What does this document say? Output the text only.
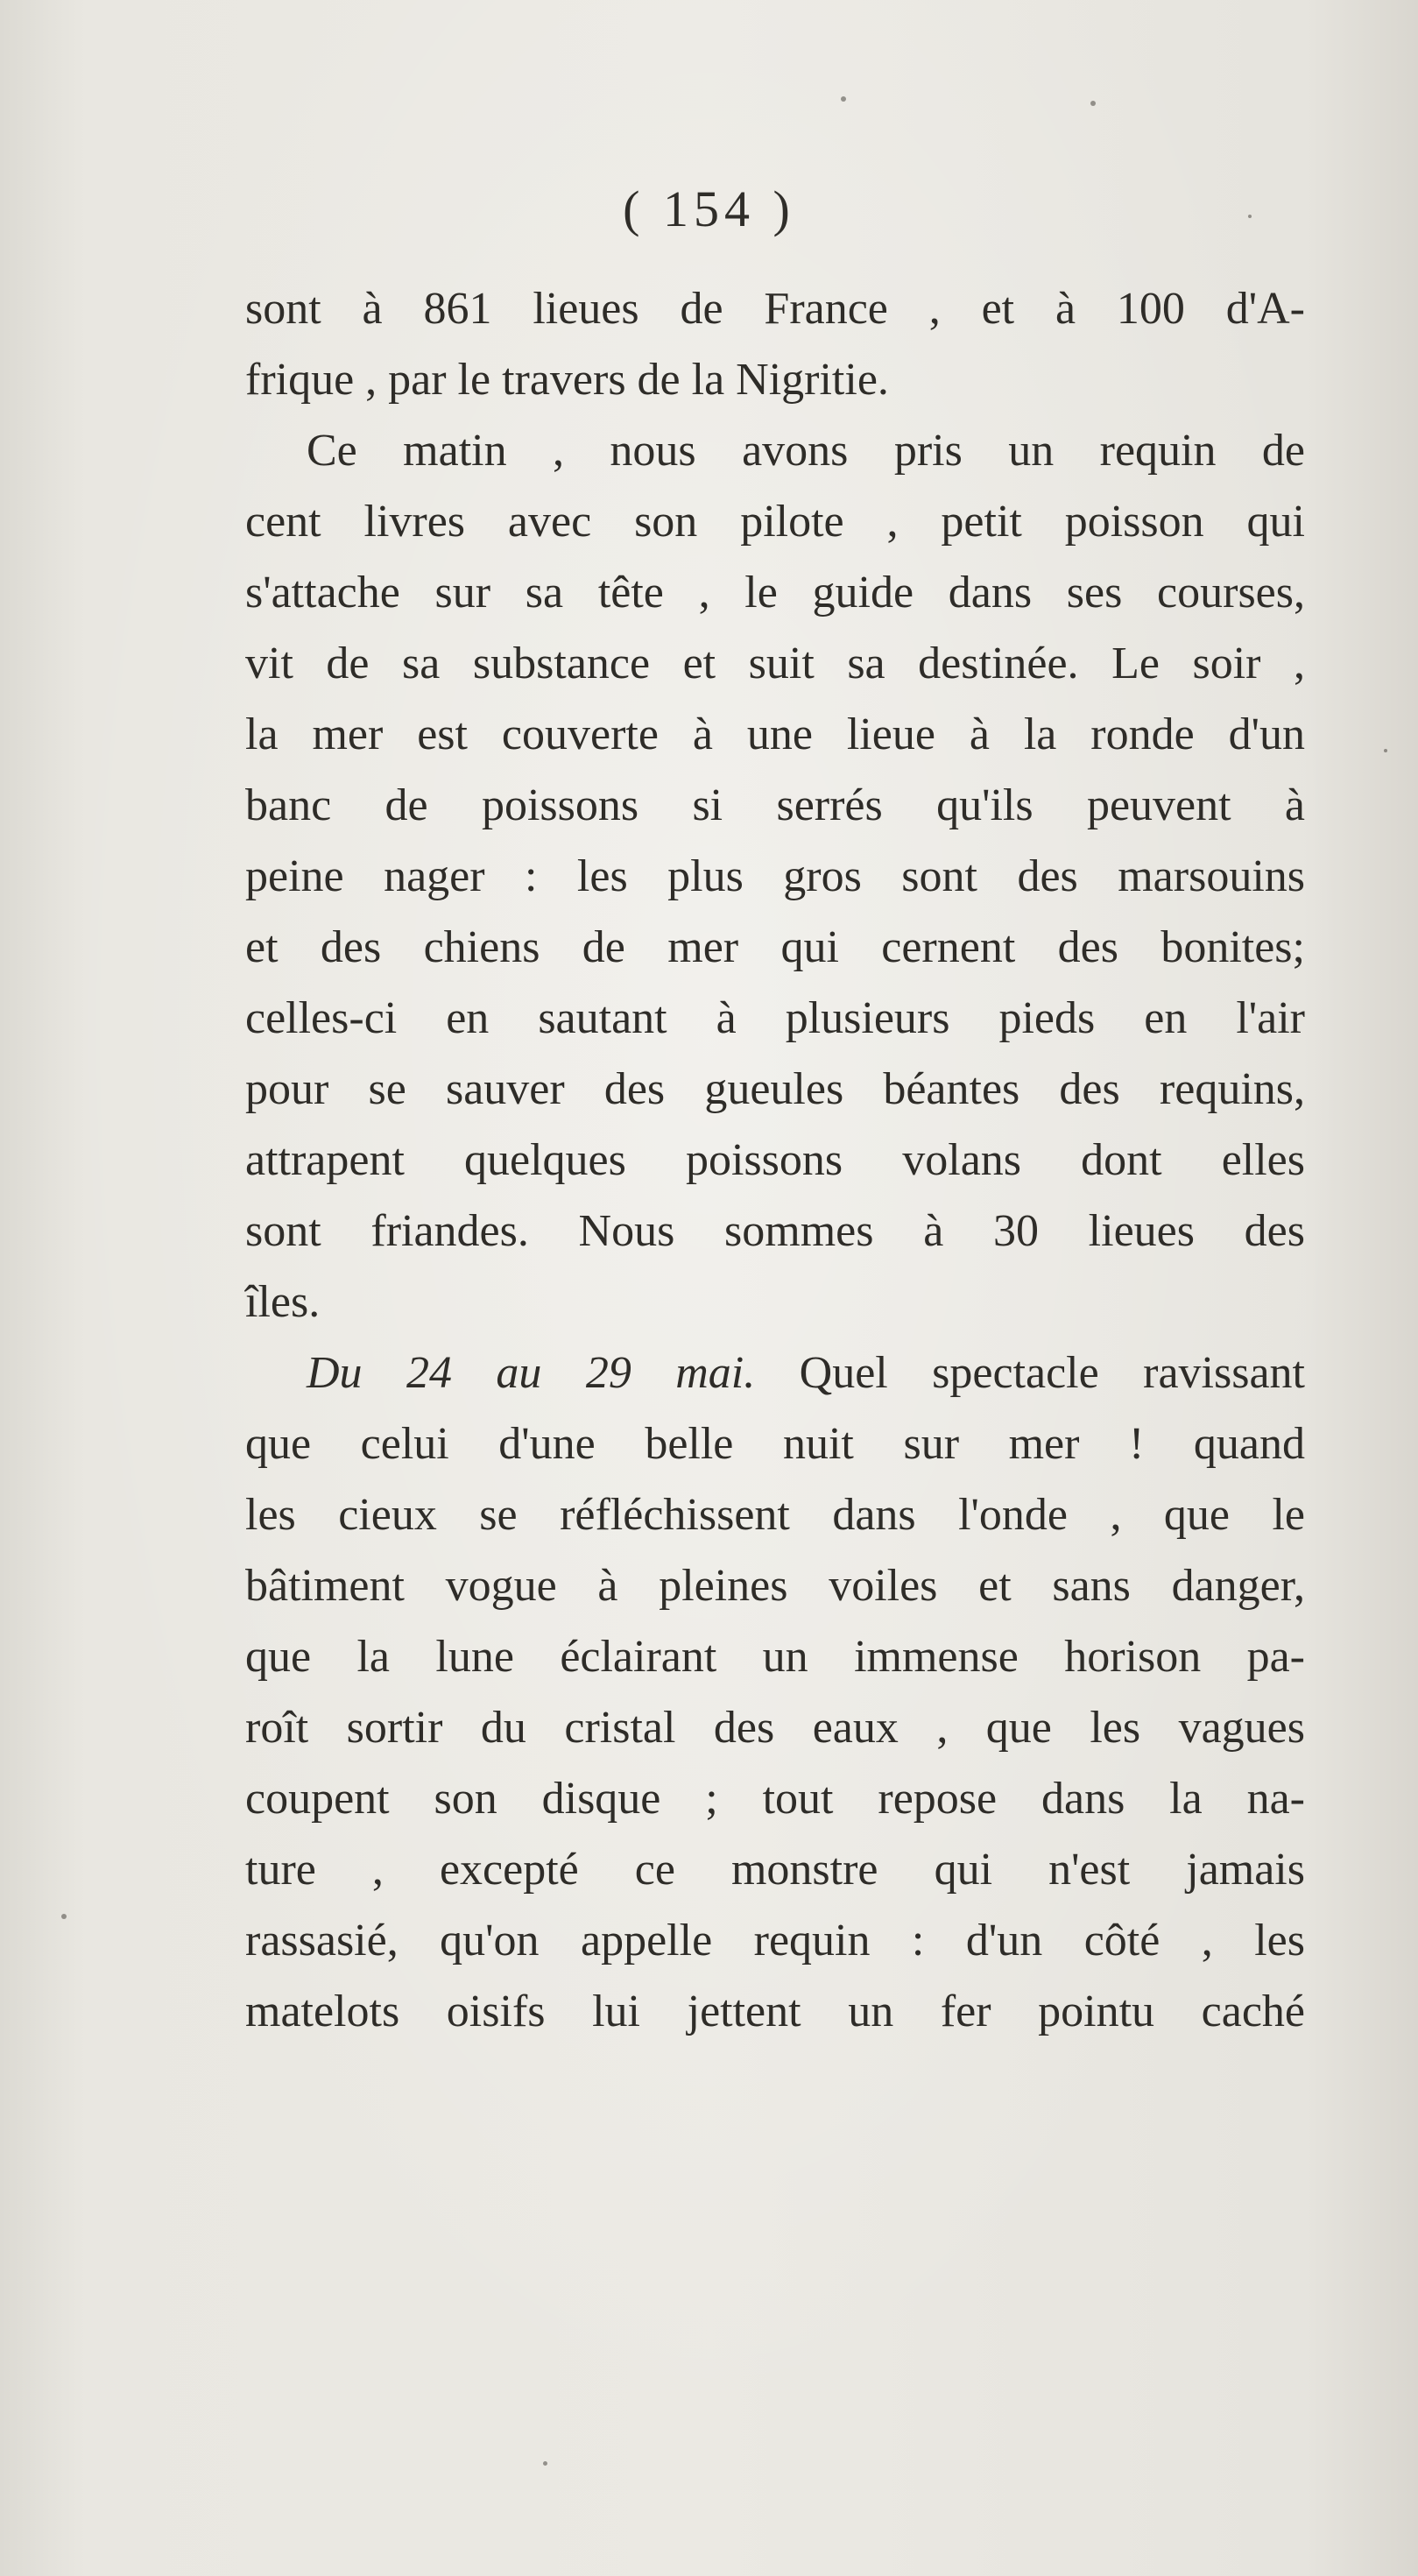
( 154 )
sont à 861 lieues de France , et à 100 d'A-
frique , par le travers de la Nigritie.
Ce matin , nous avons pris un requin de
cent livres avec son pilote , petit poisson qui
s'attache sur sa tête , le guide dans ses courses,
vit de sa substance et suit sa destinée. Le soir ,
la mer est couverte à une lieue à la ronde d'un
banc de poissons si serrés qu'ils peuvent à
peine nager : les plus gros sont des marsouins
et des chiens de mer qui cernent des bonites;
celles-ci en sautant à plusieurs pieds en l'air
pour se sauver des gueules béantes des requins,
attrapent quelques poissons volans dont elles
sont friandes. Nous sommes à 30 lieues des
îles.
Du 24 au 29 mai. Quel spectacle ravissant
que celui d'une belle nuit sur mer ! quand
les cieux se réfléchissent dans l'onde , que le
bâtiment vogue à pleines voiles et sans danger,
que la lune éclairant un immense horison pa-
roît sortir du cristal des eaux , que les vagues
coupent son disque ; tout repose dans la na-
ture , excepté ce monstre qui n'est jamais
rassasié, qu'on appelle requin : d'un côté , les
matelots oisifs lui jettent un fer pointu caché
